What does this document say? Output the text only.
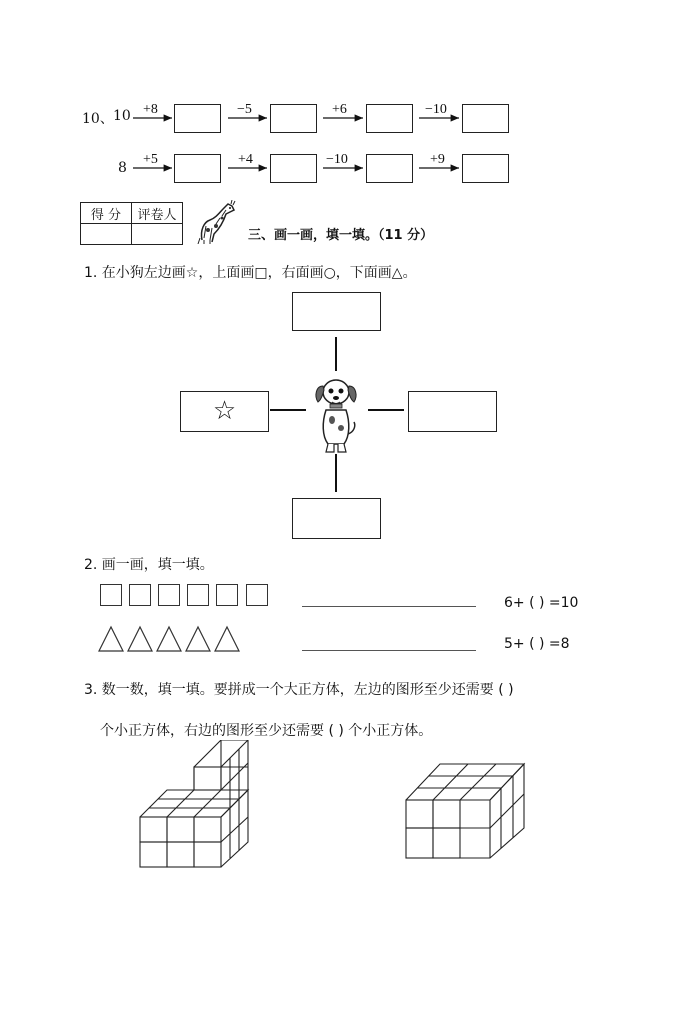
10、 10
8
+8	−5	+6	−10
+5	+4	−10	+9
得 分	评卷人

三、画一画，填一填。（11 分）
1. 在小狗左边画☆，上面画□，右面画○，下面画△。
☆
2. 画一画，填一填。
6+ ( ) =10
5+ ( ) =8
3. 数一数，填一填。要拼成一个大正方体，左边的图形至少还需要 ( )
个小正方体，右边的图形至少还需要 ( ) 个小正方体。
